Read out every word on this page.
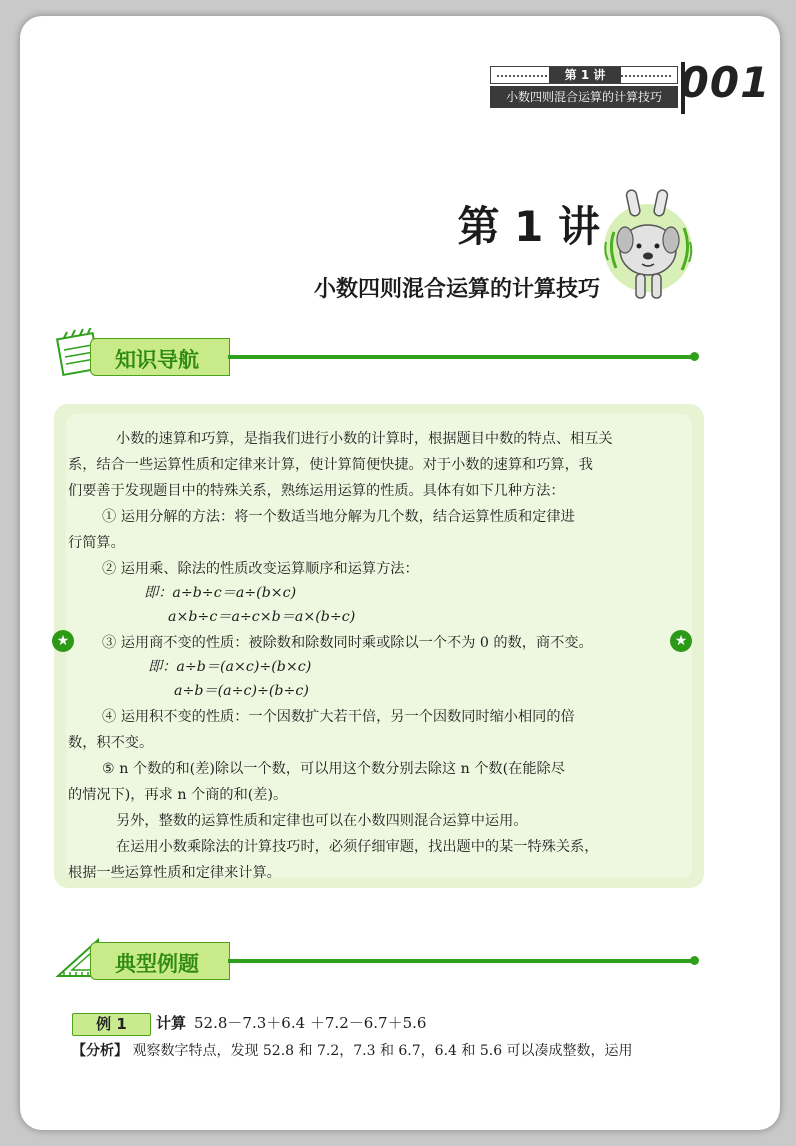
第 1 讲
小数四则混合运算的计算技巧 001
第 1 讲
小数四则混合运算的计算技巧
知识导航
★	★
小数的速算和巧算，是指我们进行小数的计算时，根据题目中数的特点、相互关
系，结合一些运算性质和定律来计算，使计算简便快捷。对于小数的速算和巧算，我
们要善于发现题目中的特殊关系，熟练运用运算的性质。具体有如下几种方法：
① 运用分解的方法：将一个数适当地分解为几个数，结合运算性质和定律进
行简算。
② 运用乘、除法的性质改变运算顺序和运算方法：
即：a÷b÷c＝a÷(b×c)
a×b÷c＝a÷c×b＝a×(b÷c)
③ 运用商不变的性质：被除数和除数同时乘或除以一个不为 0 的数，商不变。
即：a÷b＝(a×c)÷(b×c)
a÷b＝(a÷c)÷(b÷c)
④ 运用积不变的性质：一个因数扩大若干倍，另一个因数同时缩小相同的倍
数，积不变。
⑤ n 个数的和(差)除以一个数，可以用这个数分别去除这 n 个数(在能除尽
的情况下)，再求 n 个商的和(差)。
另外，整数的运算性质和定律也可以在小数四则混合运算中运用。
在运用小数乘除法的计算技巧时，必须仔细审题，找出题中的某一特殊关系，
根据一些运算性质和定律来计算。
典型例题
例 1	计算 52.8－7.3＋6.4 ＋7.2－6.7＋5.6
【分析】 观察数字特点，发现 52.8 和 7.2，7.3 和 6.7，6.4 和 5.6 可以凑成整数，运用
